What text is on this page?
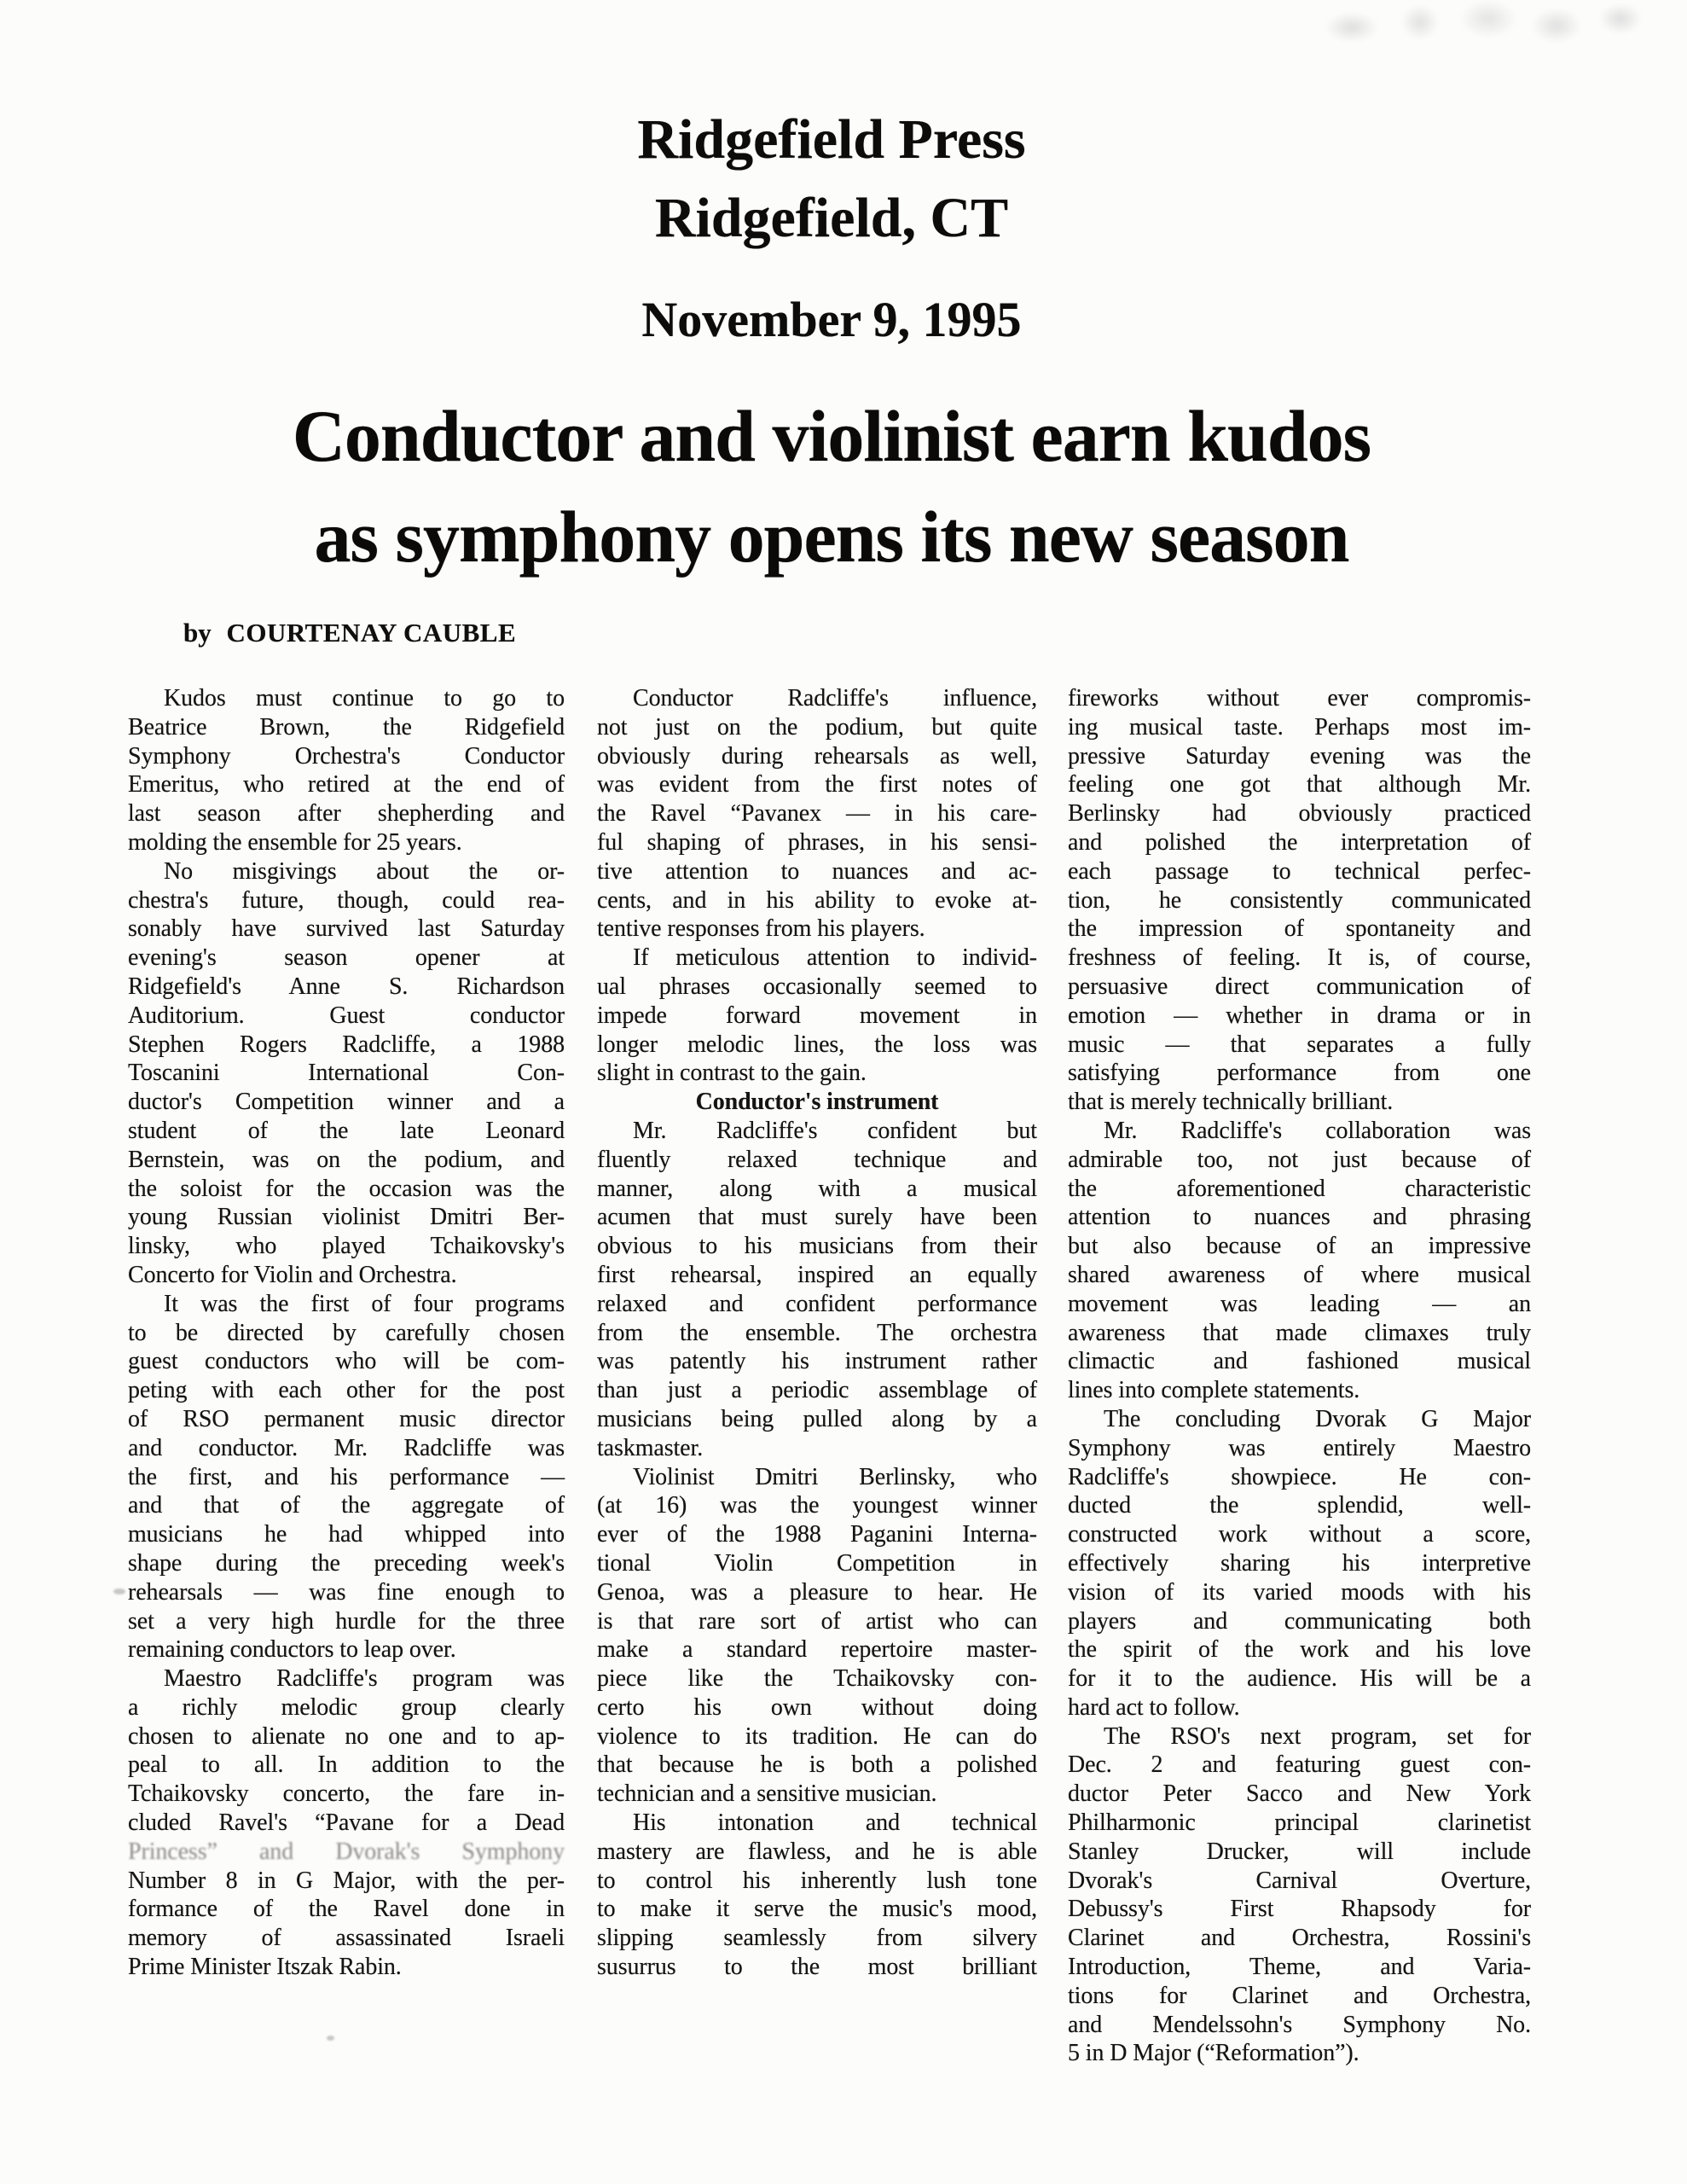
Ridgefield Press
Ridgefield, CT
November 9, 1995
Conductor and violinist earn kudos
as symphony opens its new season
by COURTENAY CAUBLE
Kudos must continue to go to
Beatrice Brown, the Ridgefield
Symphony Orchestra's Conductor
Emeritus, who retired at the end of
last season after shepherding and
molding the ensemble for 25 years.
No misgivings about the or-
chestra's future, though, could rea-
sonably have survived last Saturday
evening's season opener at
Ridgefield's Anne S. Richardson
Auditorium. Guest conductor
Stephen Rogers Radcliffe, a 1988
Toscanini International Con-
ductor's Competition winner and a
student of the late Leonard
Bernstein, was on the podium, and
the soloist for the occasion was the
young Russian violinist Dmitri Ber-
linsky, who played Tchaikovsky's
Concerto for Violin and Orchestra.
It was the first of four programs
to be directed by carefully chosen
guest conductors who will be com-
peting with each other for the post
of RSO permanent music director
and conductor. Mr. Radcliffe was
the first, and his performance —
and that of the aggregate of
musicians he had whipped into
shape during the preceding week's
rehearsals — was fine enough to
set a very high hurdle for the three
remaining conductors to leap over.
Maestro Radcliffe's program was
a richly melodic group clearly
chosen to alienate no one and to ap-
peal to all. In addition to the
Tchaikovsky concerto, the fare in-
cluded Ravel's “Pavane for a Dead
Princess” and Dvorak's Symphony
Number 8 in G Major, with the per-
formance of the Ravel done in
memory of assassinated Israeli
Prime Minister Itszak Rabin.
Conductor Radcliffe's influence,
not just on the podium, but quite
obviously during rehearsals as well,
was evident from the first notes of
the Ravel “Pavanex — in his care-
ful shaping of phrases, in his sensi-
tive attention to nuances and ac-
cents, and in his ability to evoke at-
tentive responses from his players.
If meticulous attention to individ-
ual phrases occasionally seemed to
impede forward movement in
longer melodic lines, the loss was
slight in contrast to the gain.
Conductor's instrument
Mr. Radcliffe's confident but
fluently relaxed technique and
manner, along with a musical
acumen that must surely have been
obvious to his musicians from their
first rehearsal, inspired an equally
relaxed and confident performance
from the ensemble. The orchestra
was patently his instrument rather
than just a periodic assemblage of
musicians being pulled along by a
taskmaster.
Violinist Dmitri Berlinsky, who
(at 16) was the youngest winner
ever of the 1988 Paganini Interna-
tional Violin Competition in
Genoa, was a pleasure to hear. He
is that rare sort of artist who can
make a standard repertoire master-
piece like the Tchaikovsky con-
certo his own without doing
violence to its tradition. He can do
that because he is both a polished
technician and a sensitive musician.
His intonation and technical
mastery are flawless, and he is able
to control his inherently lush tone
to make it serve the music's mood,
slipping seamlessly from silvery
susurrus to the most brilliant
fireworks without ever compromis-
ing musical taste. Perhaps most im-
pressive Saturday evening was the
feeling one got that although Mr.
Berlinsky had obviously practiced
and polished the interpretation of
each passage to technical perfec-
tion, he consistently communicated
the impression of spontaneity and
freshness of feeling. It is, of course,
persuasive direct communication of
emotion — whether in drama or in
music — that separates a fully
satisfying performance from one
that is merely technically brilliant.
Mr. Radcliffe's collaboration was
admirable too, not just because of
the aforementioned characteristic
attention to nuances and phrasing
but also because of an impressive
shared awareness of where musical
movement was leading — an
awareness that made climaxes truly
climactic and fashioned musical
lines into complete statements.
The concluding Dvorak G Major
Symphony was entirely Maestro
Radcliffe's showpiece. He con-
ducted the splendid, well-
constructed work without a score,
effectively sharing his interpretive
vision of its varied moods with his
players and communicating both
the spirit of the work and his love
for it to the audience. His will be a
hard act to follow.
The RSO's next program, set for
Dec. 2 and featuring guest con-
ductor Peter Sacco and New York
Philharmonic principal clarinetist
Stanley Drucker, will include
Dvorak's Carnival Overture,
Debussy's First Rhapsody for
Clarinet and Orchestra, Rossini's
Introduction, Theme, and Varia-
tions for Clarinet and Orchestra,
and Mendelssohn's Symphony No.
5 in D Major (“Reformation”).
